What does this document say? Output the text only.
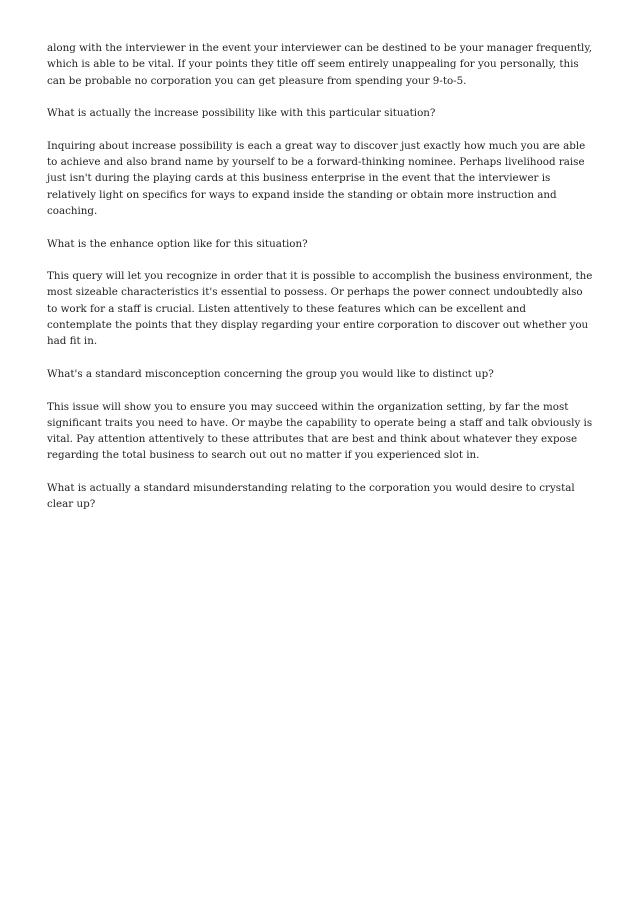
along with the interviewer in the event your interviewer can be destined to be your manager frequently, which is able to be vital. If your points they title off seem entirely unappealing for you personally, this can be probable no corporation you can get pleasure from spending your 9-to-5.

What is actually the increase possibility like with this particular situation?

Inquiring about increase possibility is each a great way to discover just exactly how much you are able to achieve and also brand name by yourself to be a forward-thinking nominee. Perhaps livelihood raise just isn't during the playing cards at this business enterprise in the event that the interviewer is relatively light on specifics for ways to expand inside the standing or obtain more instruction and coaching.

What is the enhance option like for this situation?

This query will let you recognize in order that it is possible to accomplish the business environment, the most sizeable characteristics it's essential to possess. Or perhaps the power connect undoubtedly also to work for a staff is crucial. Listen attentively to these features which can be excellent and contemplate the points that they display regarding your entire corporation to discover out whether you had fit in.

What's a standard misconception concerning the group you would like to distinct up?

This issue will show you to ensure you may succeed within the organization setting, by far the most significant traits you need to have. Or maybe the capability to operate being a staff and talk obviously is vital. Pay attention attentively to these attributes that are best and think about whatever they expose regarding the total business to search out out no matter if you experienced slot in.

What is actually a standard misunderstanding relating to the corporation you would desire to crystal clear up?
